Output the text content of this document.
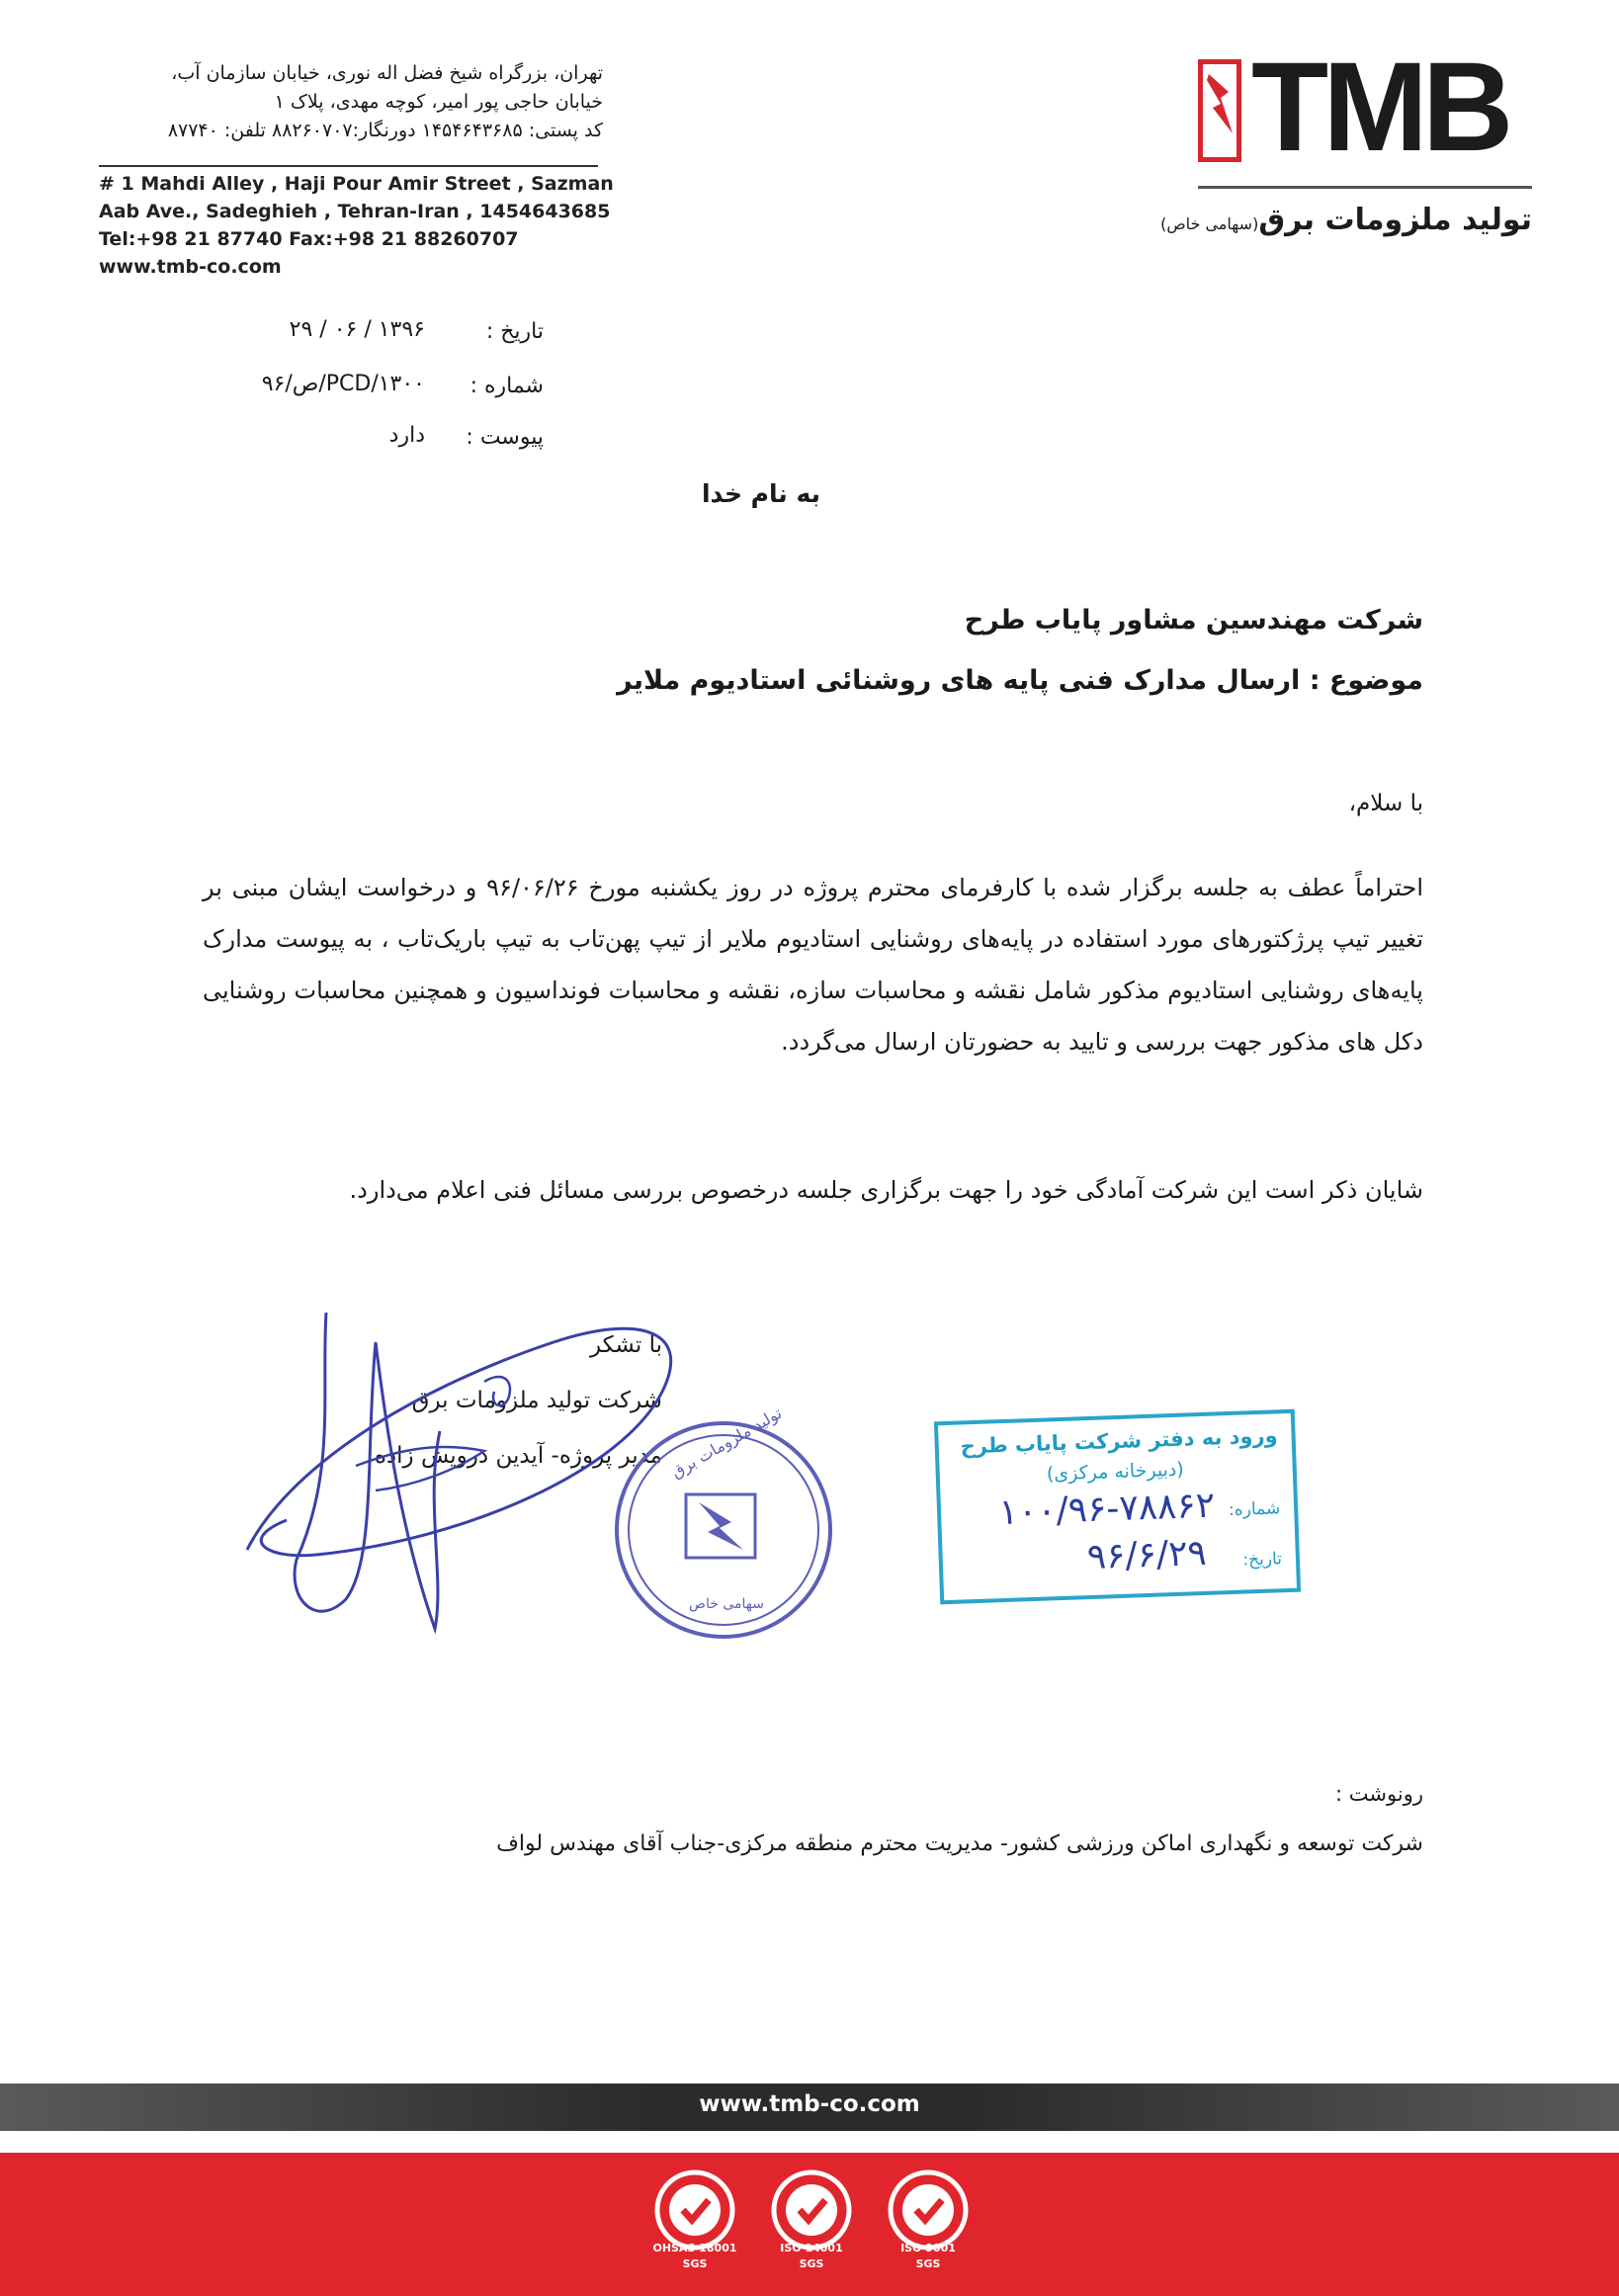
تهران، بزرگراه شیخ فضل اله نوری، خیابان سازمان آب،
خیابان حاجی پور امیر، کوچه مهدی، پلاک ۱
کد پستی: ۱۴۵۴۶۴۳۶۸۵ دورنگار:۸۸۲۶۰۷۰۷ تلفن: ۸۷۷۴۰
# 1 Mahdi Alley , Haji Pour Amir Street , Sazman
Aab Ave., Sadeghieh , Tehran-Iran , 1454643685
Tel:+98 21 87740 Fax:+98 21 88260707
www.tmb-co.com
TMB
تولید ملزومات برق(سهامی خاص)
تاریخ :
۱۳۹۶ / ۰۶ / ۲۹
شماره :
PCD/۱۳۰۰/ص/۹۶
پیوست :
دارد
به نام خدا
شرکت مهندسین مشاور پایاب طرح
موضوع : ارسال مدارک فنی پایه های روشنائی استادیوم ملایر
با سلام،
احتراماً عطف به جلسه برگزار شده با کارفرمای محترم پروژه در روز یکشنبه مورخ ۹۶/۰۶/۲۶ و درخواست ایشان مبنی بر تغییر تیپ پرژکتورهای مورد استفاده در پایه‌های روشنایی استادیوم ملایر از تیپ پهن‌تاب به تیپ باریک‌تاب ، به پیوست مدارک پایه‌های روشنایی استادیوم مذکور شامل نقشه و محاسبات سازه، نقشه و محاسبات فونداسیون و همچنین محاسبات روشنایی دکل های مذکور جهت بررسی و تایید به حضورتان ارسال می‌گردد.
شایان ذکر است این شرکت آمادگی خود را جهت برگزاری جلسه درخصوص بررسی مسائل فنی اعلام می‌دارد.
با تشکر
شرکت تولید ملزومات برق
مدیر پروژه- آیدین درویش زاده تولید ملزومات برق
سهامی خاص
ورود به دفتر شرکت پایاب طرح
(دبیرخانه مرکزی)
شماره:
۱۰۰/۹۶-۷۸۸۶۲
تاریخ:
۹۶/۶/۲۹
رونوشت :
شرکت توسعه و نگهداری اماکن ورزشی کشور- مدیریت محترم منطقه مرکزی-جناب آقای مهندس لواف
www.tmb-co.com
OHSAS 18001
SGS
ISO 14001
SGS
ISO 9001
SGS
